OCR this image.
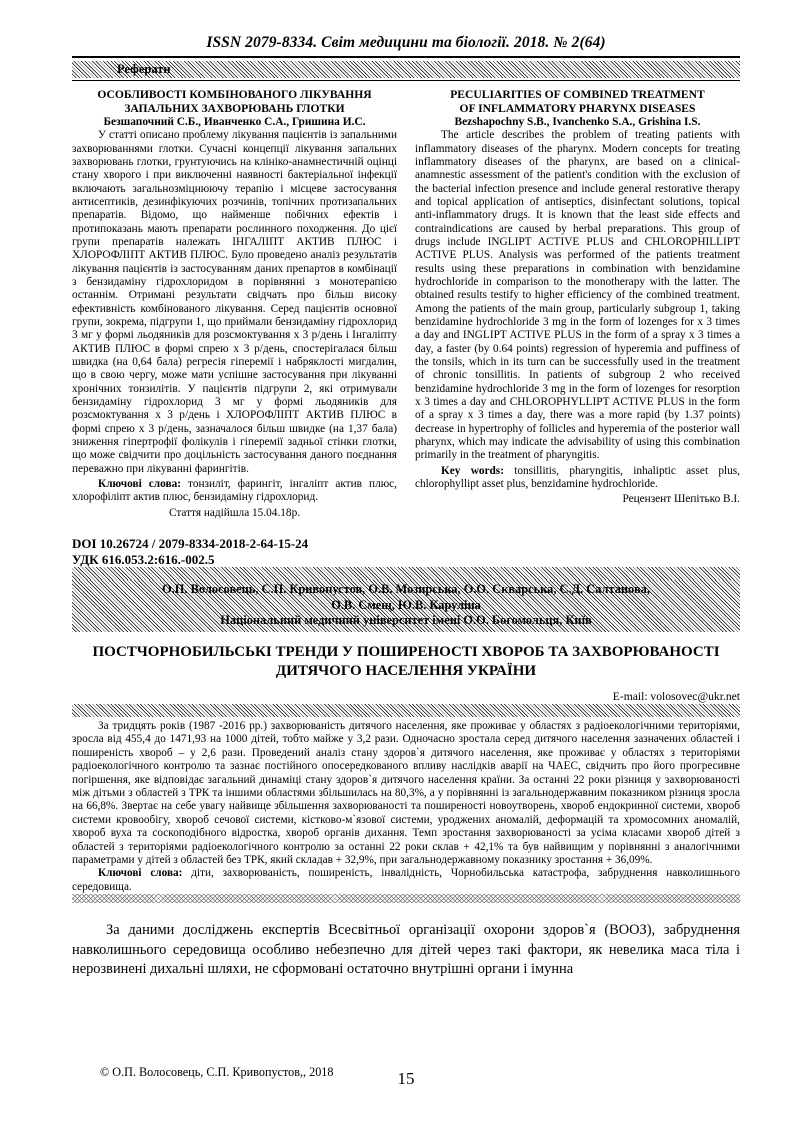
ISSN 2079-8334. Світ медицини та біології. 2018. № 2(64)
Реферати
ОСОБЛИВОСТІ КОМБІНОВАНОГО ЛІКУВАННЯ
ЗАПАЛЬНИХ ЗАХВОРЮВАНЬ ГЛОТКИ
Безшапочний С.Б., Иванченко С.А., Гришина И.С.
У статті описано проблему лікування пацієнтів із запальними захворюваннями глотки. Сучасні концепції лікування запальних захворювань глотки, грунтуючись на клініко-анамнестичній оцінці стану хворого і при виключенні наявності бактеріальної інфекції включають загальнозміцнюючу терапію і місцеве застосування антисептиків, дезинфікуючих розчинів, топічних протизапальних препаратів. Відомо, що найменше побічних ефектів і протипоказань мають препарати рослинного походження. До цієї групи препаратів належать ІНГАЛІПТ АКТИВ ПЛЮС і ХЛОРОФЛІПТ АКТИВ ПЛЮС. Було проведено аналіз результатів лікування пацієнтів із застосуванням даних препартов в комбінації з бензидаміну гідрохлоридом в порівнянні з монотерапією останнім. Отримані результати свідчать про більш високу ефективність комбінованого лікування. Серед пацієнтів основної групи, зокрема, підгрупи 1, що приймали бензидаміну гідрохлорид 3 мг у формі льодяників для розсмоктування х 3 р/день і Інгаліпту АКТИВ ПЛЮС в формі спрею х 3 р/день, спостерігалася більш швидка (на 0,64 бала) регресія гіперемії і набряклості мигдалин, що в свою чергу, може мати успішне застосування при лікуванні хронічних тонзилітів. У пацієнтів підгрупи 2, які отримували бензидаміну гідрохлорид 3 мг у формі льодяників для розсмоктування х 3 р/день і ХЛОРОФЛІПТ АКТИВ ПЛЮС в формі спрею х 3 р/день, зазначалося більш швидке (на 1,37 бала) зниження гіпертрофії фолікулів і гіперемії задньої стінки глотки, що може свідчити про доцільність застосування даного поєднання переважно при лікуванні фарингітів.
Ключові слова: тонзиліт, фарингіт, інгаліпт актив плюс, хлорофіліпт актив плюс, бензидаміну гідрохлорид.
Стаття надійшла 15.04.18р.
PECULIARITIES OF COMBINED TREATMENT
OF INFLAMMATORY PHARYNX DISEASES
Bezshapochny S.B., Ivanchenko S.A., Grishina I.S.
The article describes the problem of treating patients with inflammatory diseases of the pharynx. Modern concepts for treating inflammatory diseases of the pharynx, are based on a clinical-anamnestic assessment of the patient's condition with the exclusion of the bacterial infection presence and include general restorative therapy and topical application of antiseptics, disinfectant solutions, topical anti-inflammatory drugs. It is known that the least side effects and contraindications are caused by herbal preparations. This group of drugs include INGLIPT ACTIVE PLUS and CHLOROPHILLIPT ACTIVE PLUS. Analysis was performed of the patients treatment results using these preparations in combination with benzidamine hydrochloride in comparison to the monotherapy with the latter. The obtained results testify to higher efficiency of the combined treatment. Among the patients of the main group, particularly subgroup 1, taking benzidamine hydrochloride 3 mg in the form of lozenges for x 3 times a day and INGLIPT ACTIVE PLUS in the form of a spray x 3 times a day, a faster (by 0.64 points) regression of hyperemia and puffiness of the tonsils, which in its turn can be successfully used in the treatment of chronic tonsillitis. In patients of subgroup 2 who received benzidamine hydrochloride 3 mg in the form of lozenges for resorption x 3 times a day and CHLOROPHYLLIPT ACTIVE PLUS in the form of a spray x 3 times a day, there was a more rapid (by 1.37 points) decrease in hypertrophy of follicles and hyperemia of the posterior wall pharynx, which may indicate the advisability of using this combination primarily in the treatment of pharyngitis.
Key words: tonsillitis, pharyngitis, inhaliptic asset plus, chlorophyllipt asset plus, benzidamine hydrochloride.
Рецензент Шепітько В.І.
DOI 10.26724 / 2079-8334-2018-2-64-15-24
УДК 616.053.2:616.-002.5
О.П. Волосовець, С.П. Кривопустов, О.В. Мозирська, О.О. Скварська, С.Д. Салтанова,
О.В. Смещ, Ю.В. Каруліна
Національний медичний університет імені О.О. Богомольця, Київ
ПОСТЧОРНОБИЛЬСЬКІ ТРЕНДИ У ПОШИРЕНОСТІ ХВОРОБ ТА ЗАХВОРЮВАНОСТІ
ДИТЯЧОГО НАСЕЛЕННЯ УКРАЇНИ
E-mail: volosovec@ukr.net
За тридцять років (1987 -2016 рр.) захворюваність дитячого населення, яке проживає у областях з радіоекологічними територіями, зросла від 455,4 до 1471,93 на 1000 дітей, тобто майже у 3,2 рази. Одночасно зростала серед дитячого населення зазначених областей і поширеність хвороб – у 2,6 рази. Проведений аналіз стану здоров`я дитячого населення, яке проживає у областях з територіями радіоекологічного контролю та зазнає постійного опосередкованого впливу наслідків аварії на ЧАЕС, свідчить про його прогресивне погіршення, яке відповідає загальний динаміці стану здоров`я дитячого населення країни. За останні 22 роки різниця у захворюваності між дітьми з областей з ТРК та іншими областями збільшилась на 80,3%, а у порівнянні із загальнодержавним показником різниця зросла на 66,8%. Звертає на себе увагу найвище збільшення захворюваності та поширеності новоутворень, хвороб ендокринної системи, хвороб системи кровообігу, хвороб сечової системи, кістково-м`язової системи, уроджених аномалій, деформацій та хромосомних аномалій, хвороб вуха та соскоподібного відростка, хвороб органів дихання. Темп зростання захворюваності за усіма класами хвороб дітей з областей з територіями радіоекологічного контролю за останні 22 роки склав + 42,1% та був найвищим у порівнянні з аналогічними параметрами у дітей з областей без ТРК, який складав + 32,9%, при загальнодержавному показнику зростання + 36,09%.
Ключові слова: діти, захворюваність, поширеність, інвалідність, Чорнобильська катастрофа, забруднення навколишнього середовища.
За даними досліджень експертів Всесвітньої організації охорони здоров`я (ВООЗ), забруднення навколишнього середовища особливо небезпечно для дітей через такі фактори, як невелика маса тіла і нерозвинені дихальні шляхи, не сформовані остаточно внутрішні органи і імунна
© О.П. Волосовець, С.П. Кривопустов,, 2018	15
